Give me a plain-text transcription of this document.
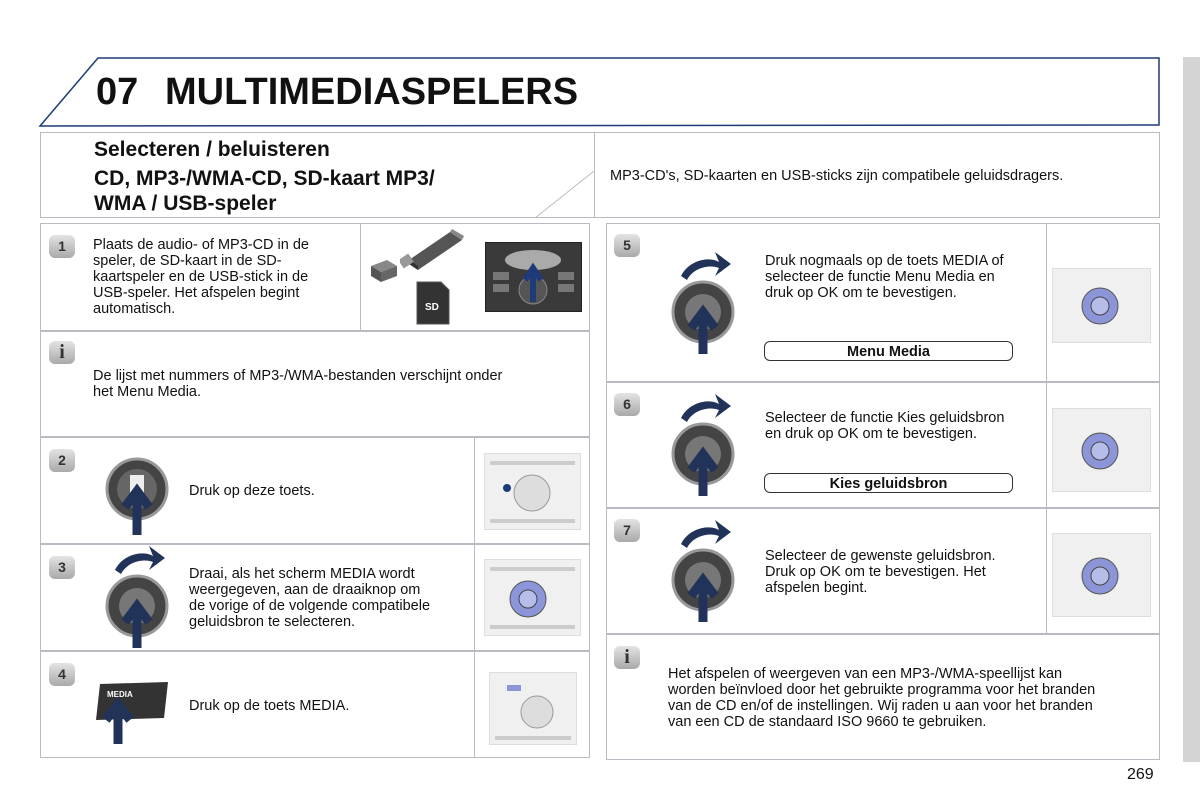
07 MULTIMEDIASPELERS
Selecteren / beluisteren
CD, MP3-/WMA-CD, SD-kaart MP3/
WMA / USB-speler
MP3-CD's, SD-kaarten en USB-sticks zijn compatibele geluidsdragers.
1	Plaats de audio- of MP3-CD in de
speler, de SD-kaart in de SD-
kaartspeler en de USB-stick in de
USB-speler. Het afspelen begint
automatisch.	SD
i
De lijst met nummers of MP3-/WMA-bestanden verschijnt onder
het Menu Media.
2
Druk op deze toets.
3	Draai, als het scherm MEDIA wordt
weergegeven, aan de draaiknop om
de vorige of de volgende compatibele
geluidsbron te selecteren.
4
MEDIA
Druk op de toets MEDIA.
5
Druk nogmaals op de toets MEDIA of
selecteer de functie Menu Media en
druk op OK om te bevestigen.
Menu Media
6
Selecteer de functie Kies geluidsbron
en druk op OK om te bevestigen.
Kies geluidsbron
7
Selecteer de gewenste geluidsbron.
Druk op OK om te bevestigen. Het
afspelen begint.
i
Het afspelen of weergeven van een MP3-/WMA-speellijst kan
worden beïnvloed door het gebruikte programma voor het branden
van de CD en/of de instellingen. Wij raden u aan voor het branden
van een CD de standaard ISO 9660 te gebruiken.
269
